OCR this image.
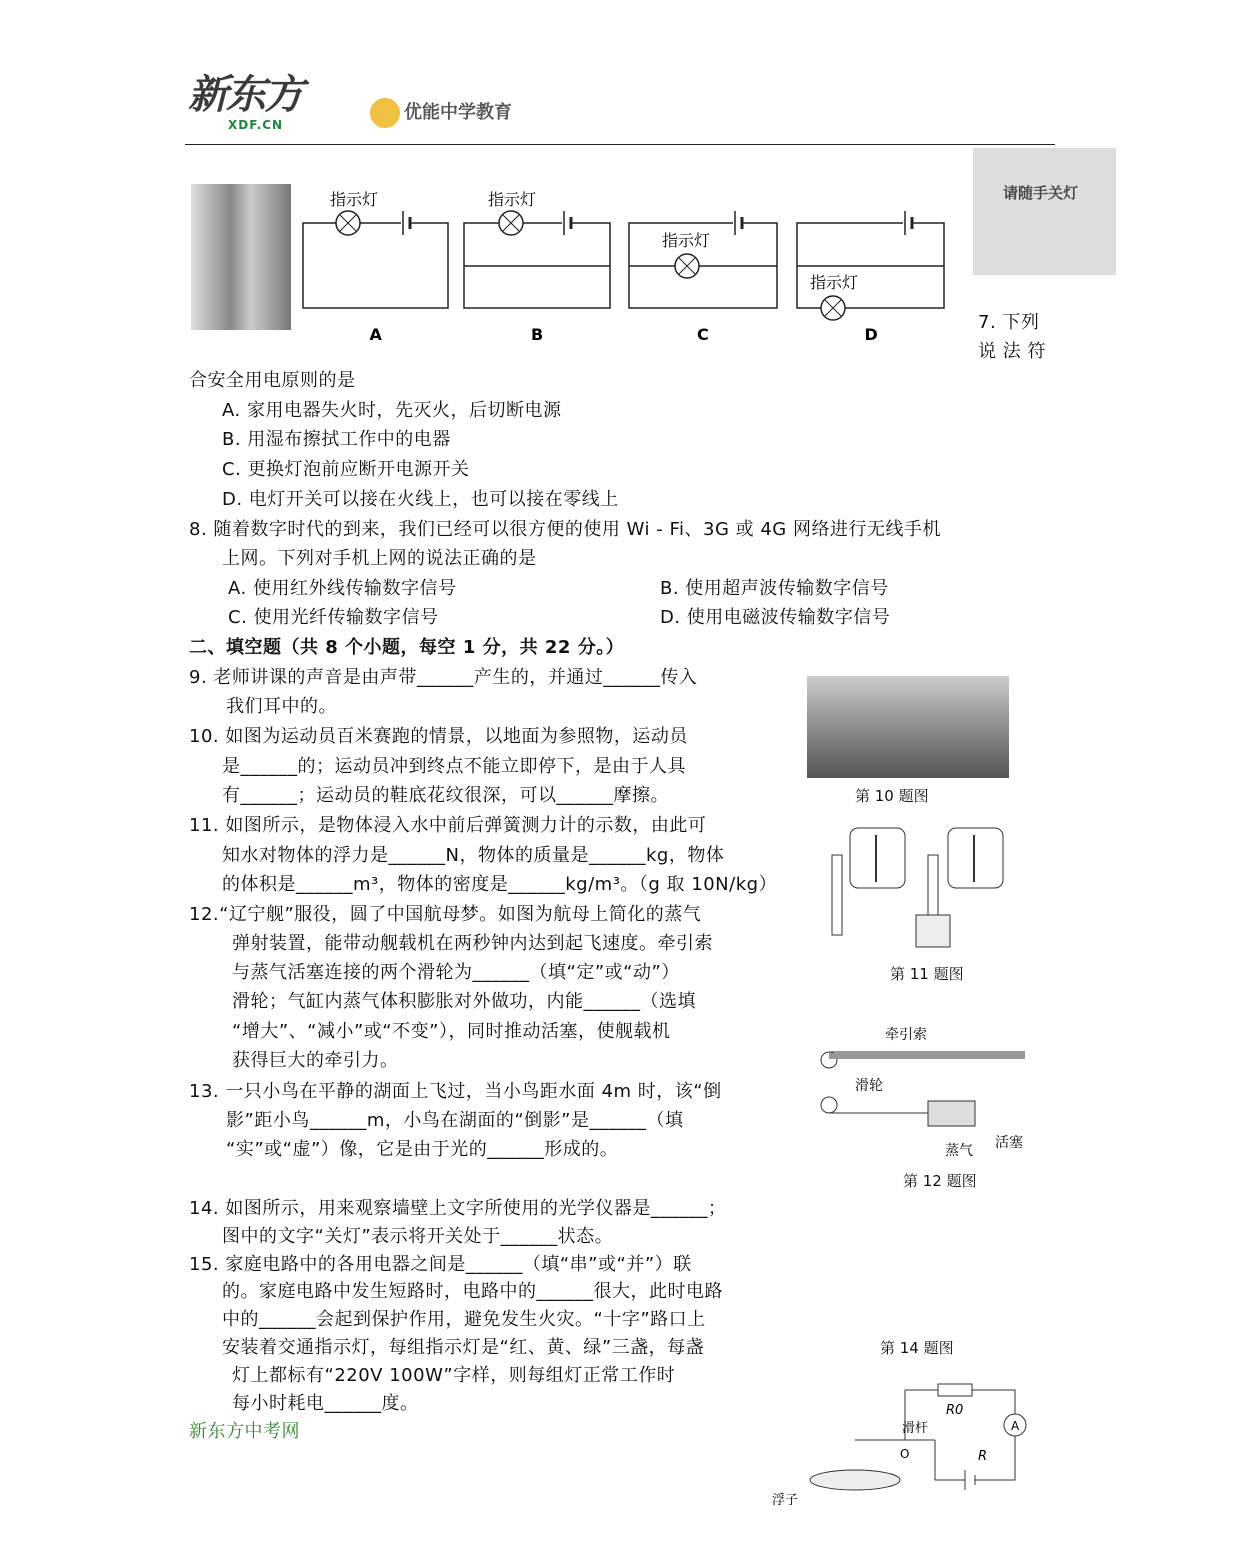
新东方
XDF.CN
优能中学教育
请随手关灯
指示灯
A
指示灯
B
指示灯
C
指示灯
D
第 10 题图
第 11 题图
牵引索
滑轮
蒸气 活塞
第 12 题图
第 14 题图
R0
A
滑杆
R
O
浮子
7. 下列
说 法 符
合安全用电原则的是
A. 家用电器失火时，先灭火，后切断电源
B. 用湿布擦拭工作中的电器
C. 更换灯泡前应断开电源开关
D. 电灯开关可以接在火线上，也可以接在零线上
8. 随着数字时代的到来，我们已经可以很方便的使用 Wi - Fi、3G 或 4G 网络进行无线手机
上网。下列对手机上网的说法正确的是
A. 使用红外线传输数字信号	B. 使用超声波传输数字信号
C. 使用光纤传输数字信号	D. 使用电磁波传输数字信号
二、填空题（共 8 个小题，每空 1 分，共 22 分。）
9. 老师讲课的声音是由声带______产生的，并通过______传入
我们耳中的。
10. 如图为运动员百米赛跑的情景，以地面为参照物，运动员
是______的；运动员冲到终点不能立即停下，是由于人具
有______；运动员的鞋底花纹很深，可以______摩擦。
11. 如图所示，是物体浸入水中前后弹簧测力计的示数，由此可
知水对物体的浮力是______N，物体的质量是______kg，物体
的体积是______m³，物体的密度是______kg/m³。（g 取 10N/kg）
12.“辽宁舰”服役，圆了中国航母梦。如图为航母上简化的蒸气
弹射装置，能带动舰载机在两秒钟内达到起飞速度。牵引索
与蒸气活塞连接的两个滑轮为______（填“定”或“动”）
滑轮；气缸内蒸气体积膨胀对外做功，内能______（选填
“增大”、“减小”或“不变”），同时推动活塞，使舰载机
获得巨大的牵引力。
13. 一只小鸟在平静的湖面上飞过，当小鸟距水面 4m 时，该“倒
影”距小鸟______m，小鸟在湖面的“倒影”是______（填
“实”或“虚”）像，它是由于光的______形成的。
14. 如图所示，用来观察墙壁上文字所使用的光学仪器是______；
图中的文字“关灯”表示将开关处于______状态。
15. 家庭电路中的各用电器之间是______（填“串”或“并”）联
的。家庭电路中发生短路时，电路中的______很大，此时电路
中的______会起到保护作用，避免发生火灾。“十字”路口上
安装着交通指示灯，每组指示灯是“红、黄、绿”三盏，每盏
灯上都标有“220V 100W”字样，则每组灯正常工作时
每小时耗电______度。
新东方中考网
